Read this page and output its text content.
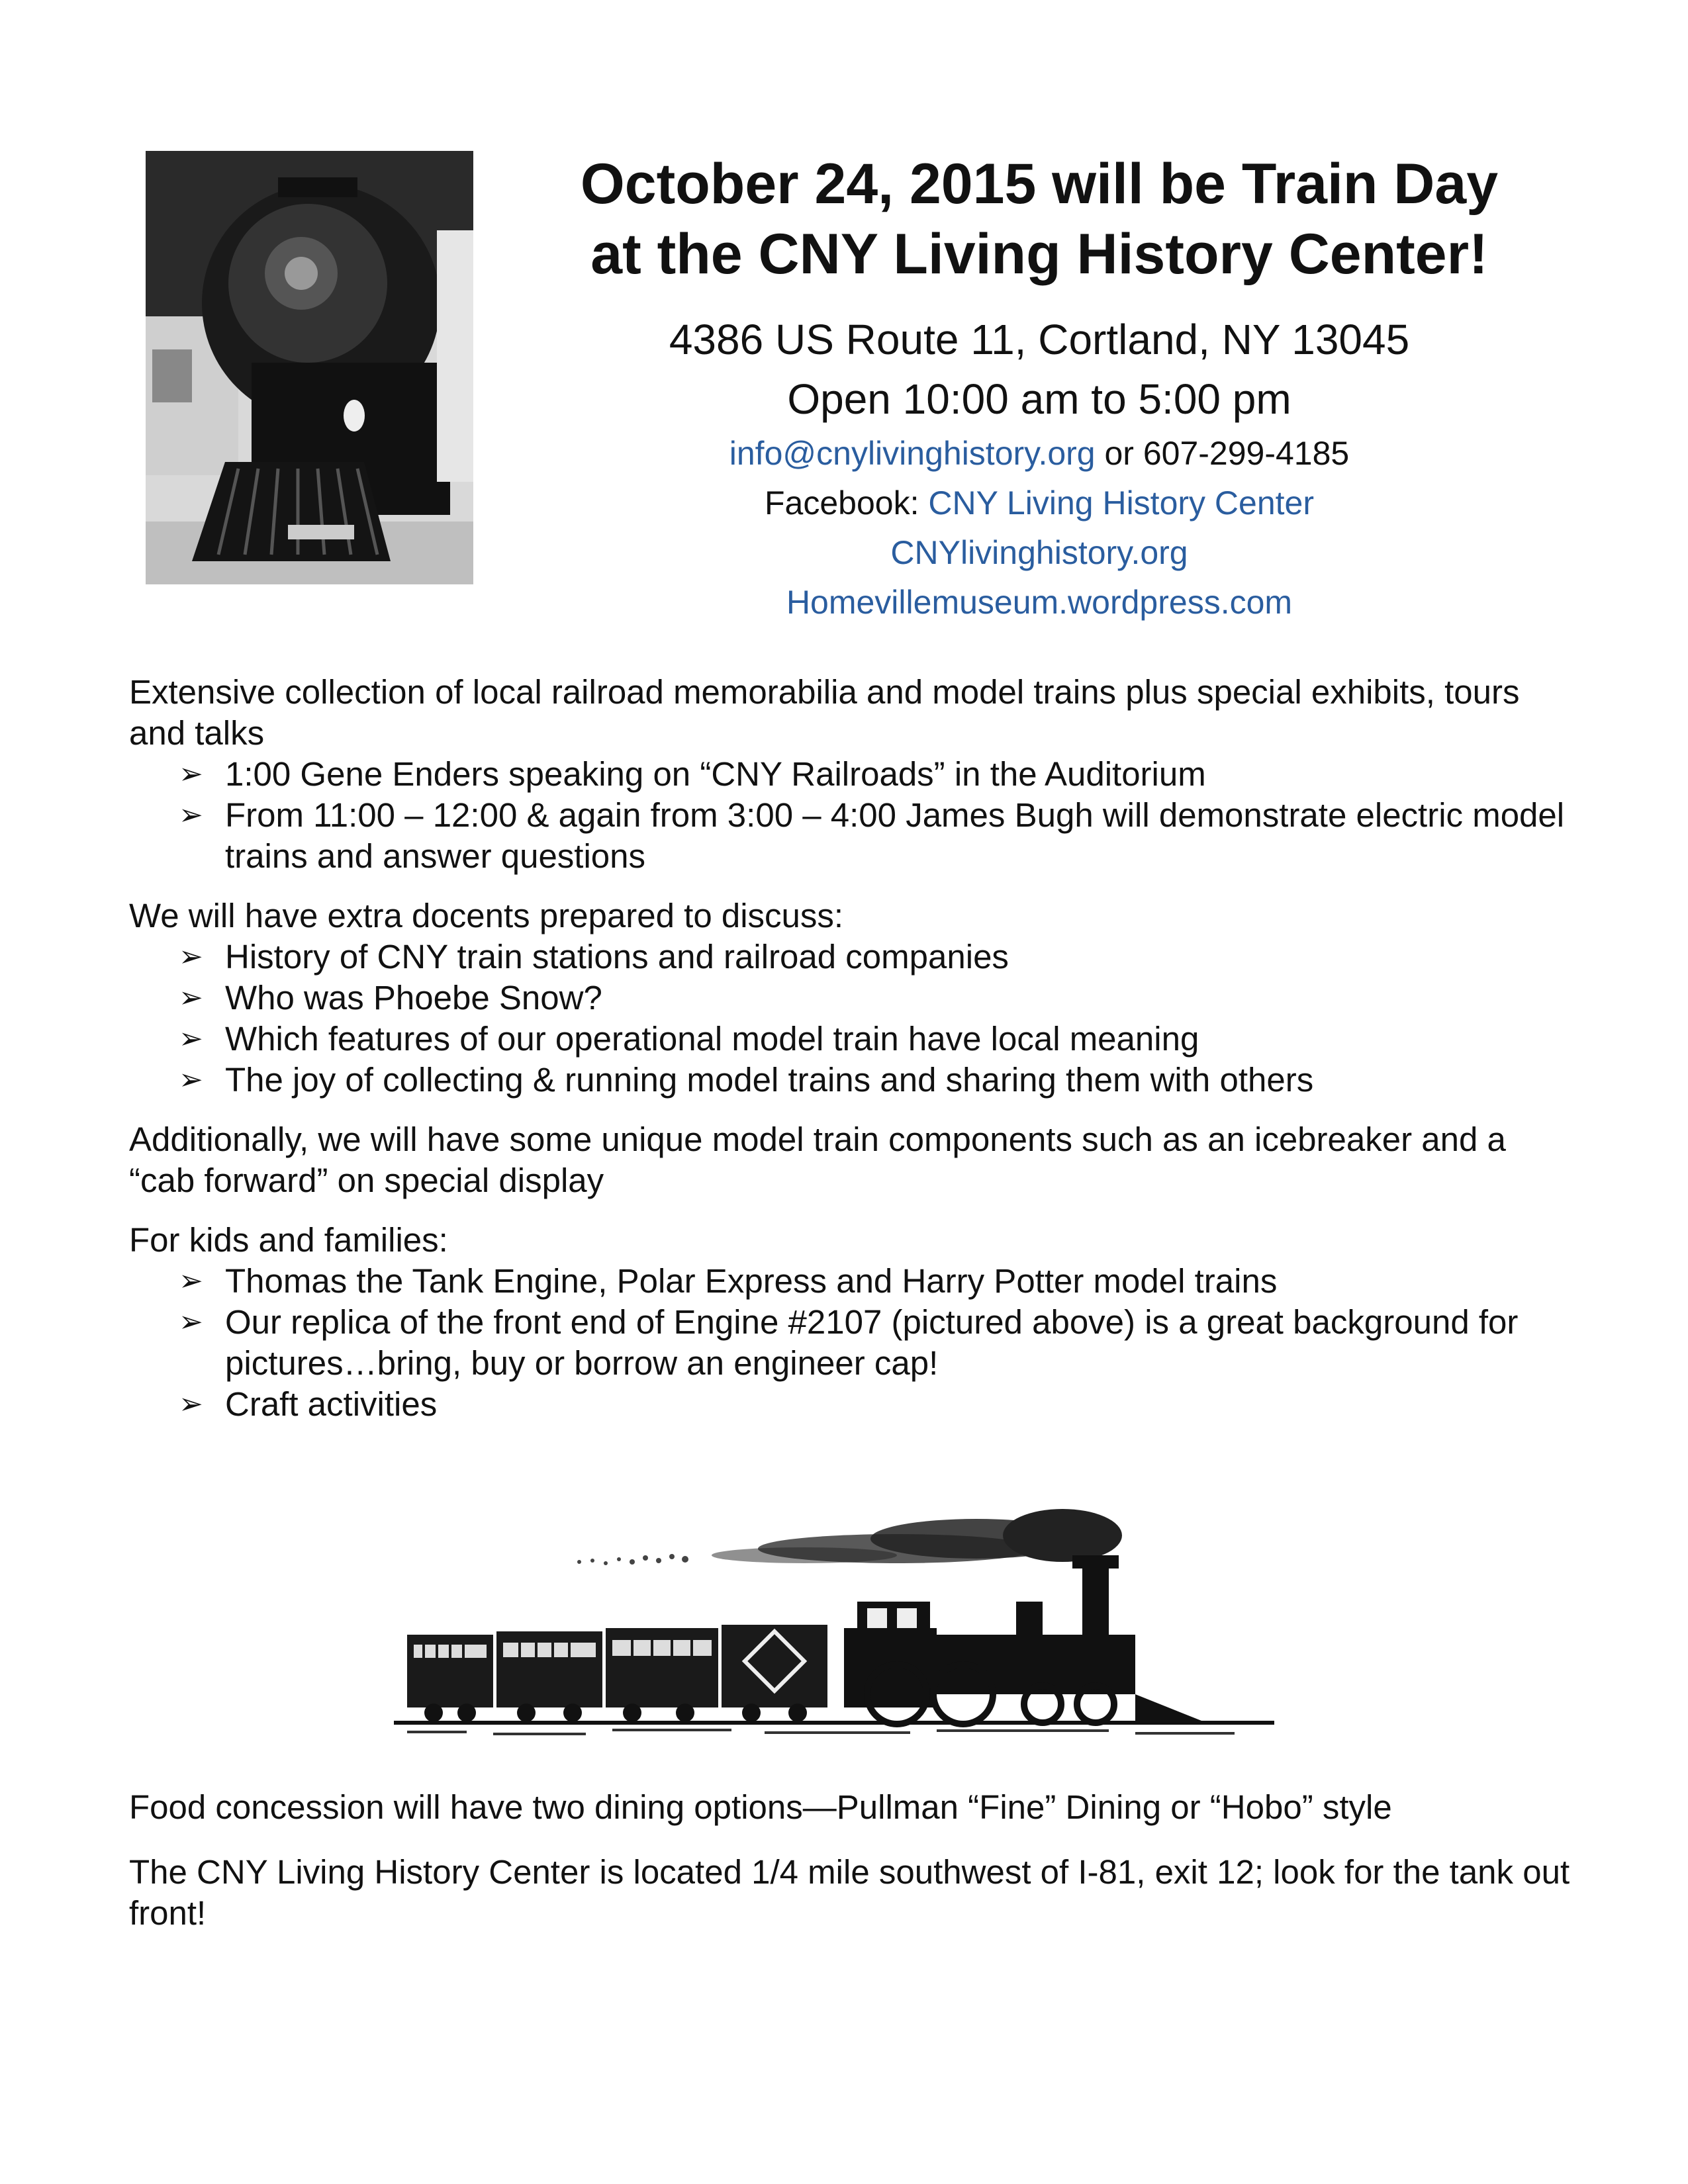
October 24, 2015 will be Train Day
at the CNY Living History Center!
4386 US Route 11, Cortland, NY 13045
Open 10:00 am to 5:00 pm
info@cnylivinghistory.org or 607-299-4185
Facebook: CNY Living History Center
CNYlivinghistory.org
Homevillemuseum.wordpress.com

Extensive collection of local railroad memorabilia and model trains plus special exhibits, tours and talks

➢ 1:00 Gene Enders speaking on “CNY Railroads” in the Auditorium
➢ From 11:00 – 12:00 & again from 3:00 – 4:00 James Bugh will demonstrate electric model trains and answer questions

We will have extra docents prepared to discuss:

➢ History of CNY train stations and railroad companies
➢ Who was Phoebe Snow?
➢ Which features of our operational model train have local meaning
➢ The joy of collecting & running model trains and sharing them with others

Additionally, we will have some unique model train components such as an icebreaker and a “cab forward” on special display

For kids and families:

➢ Thomas the Tank Engine, Polar Express and Harry Potter model trains
➢ Our replica of the front end of Engine #2107 (pictured above) is a great background for pictures…bring, buy or borrow an engineer cap!
➢ Craft activities

Food concession will have two dining options—Pullman “Fine” Dining or “Hobo” style

The CNY Living History Center is located 1/4 mile southwest of I-81, exit 12; look for the tank out front!
